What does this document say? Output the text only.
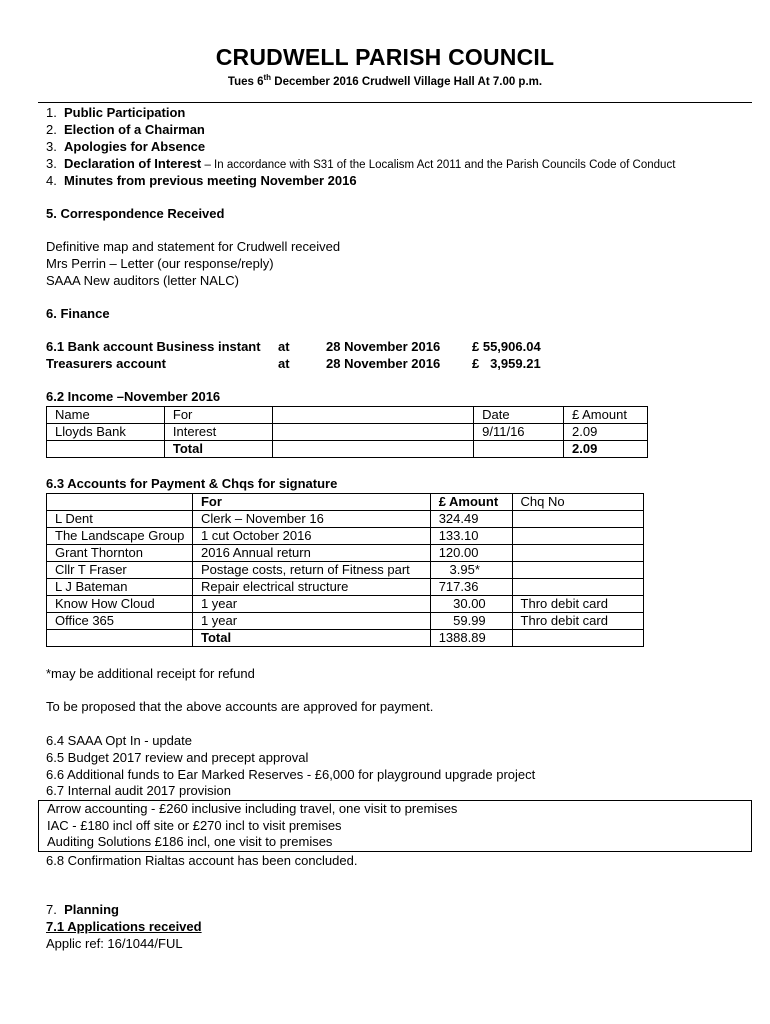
CRUDWELL PARISH COUNCIL
Tues 6th December 2016 Crudwell Village Hall At 7.00 p.m.
1. Public Participation
2. Election of a Chairman
3. Apologies for Absence
3. Declaration of Interest – In accordance with S31 of the Localism Act 2011 and the Parish Councils Code of Conduct
4. Minutes from previous meeting November 2016
5. Correspondence Received
Definitive map and statement for Crudwell received
Mrs Perrin – Letter (our response/reply)
SAAA New auditors (letter NALC)
6. Finance
6.1 Bank account Business instant at	28 November 2016 £ 55,906.04
Treasurers account	at	28 November 2016 £   3,959.21
6.2 Income –November 2016
Name	For		Date	£ Amount
Lloyds Bank	Interest		9/11/16	2.09
	Total			2.09
6.3 Accounts for Payment & Chqs for signature
	For	£ Amount	Chq No
L Dent	Clerk – November 16	324.49	
The Landscape Group	1 cut October 2016	133.10	
Grant Thornton	2016 Annual return	120.00	
Cllr T Fraser	Postage costs, return of Fitness part	3.95*	
L J Bateman	Repair electrical structure	717.36	
Know How Cloud	1 year	30.00	Thro debit card
Office 365	1 year	59.99	Thro debit card
	Total	1388.89	
*may be additional receipt for refund
To be proposed that the above accounts are approved for payment.
6.4 SAAA Opt In - update
6.5 Budget 2017 review and precept approval
6.6 Additional funds to Ear Marked Reserves - £6,000 for playground upgrade project
6.7 Internal audit 2017 provision
Arrow accounting - £260 inclusive including travel, one visit to premises
IAC - £180 incl off site or £270 incl to visit premises
Auditing Solutions £186 incl, one visit to premises
6.8 Confirmation Rialtas account has been concluded.
7. Planning
7.1 Applications received
Applic ref: 16/1044/FUL
